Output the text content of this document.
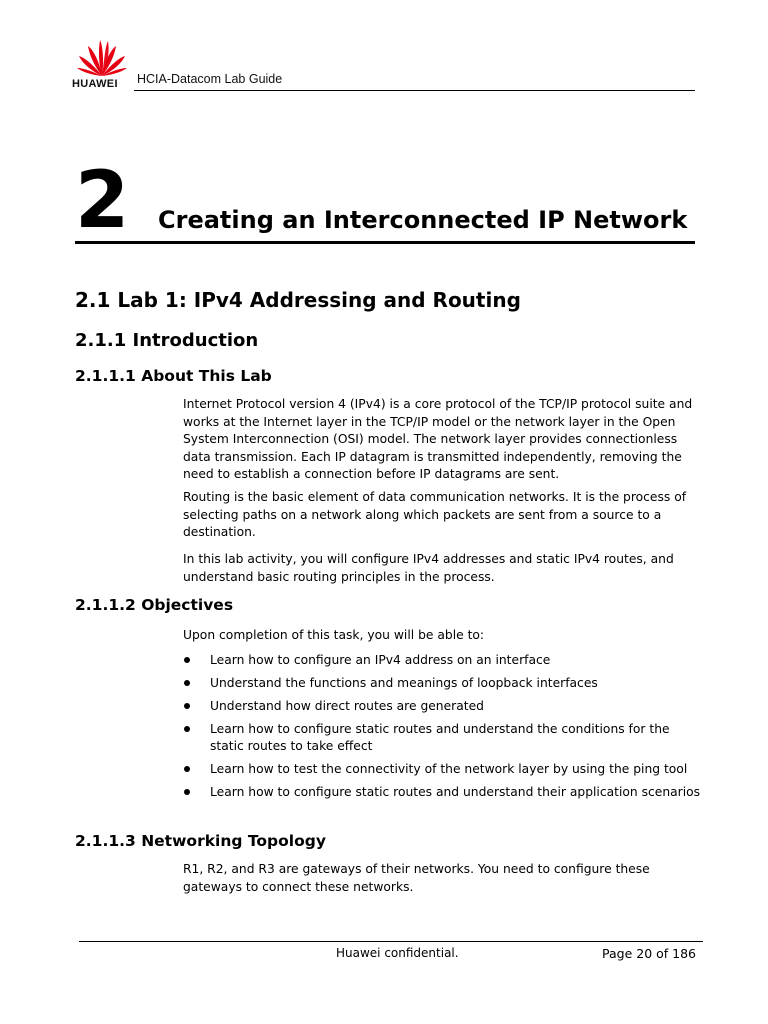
HUAWEI HCIA-Datacom Lab Guide
2 Creating an Interconnected IP Network
2.1 Lab 1: IPv4 Addressing and Routing
2.1.1 Introduction
2.1.1.1 About This Lab

Internet Protocol version 4 (IPv4) is a core protocol of the TCP/IP protocol suite and works at the Internet layer in the TCP/IP model or the network layer in the Open System Interconnection (OSI) model. The network layer provides connectionless data transmission. Each IP datagram is transmitted independently, removing the need to establish a connection before IP datagrams are sent.

Routing is the basic element of data communication networks. It is the process of selecting paths on a network along which packets are sent from a source to a destination.

In this lab activity, you will configure IPv4 addresses and static IPv4 routes, and understand basic routing principles in the process.

2.1.1.2 Objectives

Upon completion of this task, you will be able to:

Learn how to configure an IPv4 address on an interface
Understand the functions and meanings of loopback interfaces
Understand how direct routes are generated
Learn how to configure static routes and understand the conditions for the static routes to take effect
Learn how to test the connectivity of the network layer by using the ping tool
Learn how to configure static routes and understand their application scenarios
2.1.1.3 Networking Topology

R1, R2, and R3 are gateways of their networks. You need to configure these gateways to connect these networks.

Huawei confidential.	Page 20 of 186
